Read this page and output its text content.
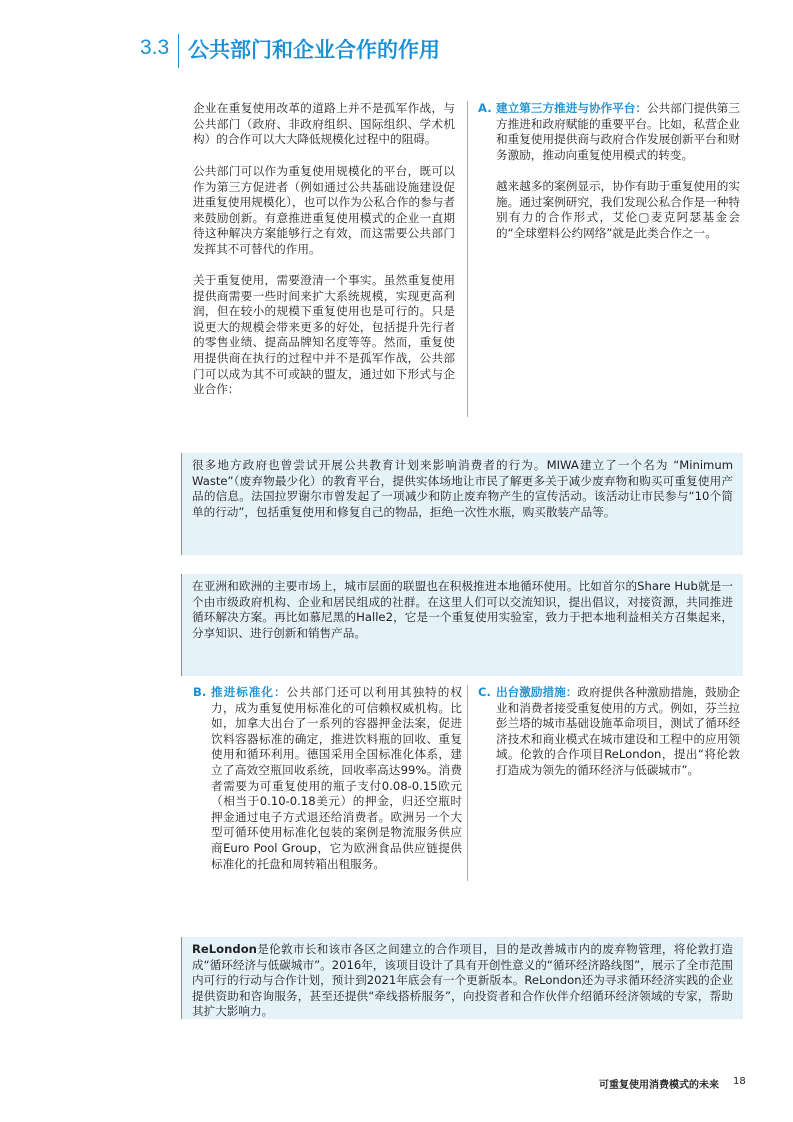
3.3 公共部门和企业合作的作用

企业在重复使用改革的道路上并不是孤军作战，与公共部门（政府、非政府组织、国际组织、学术机构）的合作可以大大降低规模化过程中的阻碍。

公共部门可以作为重复使用规模化的平台，既可以作为第三方促进者（例如通过公共基础设施建设促进重复使用规模化），也可以作为公私合作的参与者来鼓励创新。有意推进重复使用模式的企业一直期待这种解决方案能够行之有效，而这需要公共部门发挥其不可替代的作用。

关于重复使用，需要澄清一个事实。虽然重复使用提供商需要一些时间来扩大系统规模，实现更高利润，但在较小的规模下重复使用也是可行的。只是说更大的规模会带来更多的好处，包括提升先行者的零售业绩、提高品牌知名度等等。然而，重复使用提供商在执行的过程中并不是孤军作战，公共部门可以成为其不可或缺的盟友，通过如下形式与企业合作：

A. 建立第三方推进与协作平台：公共部门提供第三方推进和政府赋能的重要平台。比如，私营企业和重复使用提供商与政府合作发展创新平台和财务激励，推动向重复使用模式的转变。

越来越多的案例显示，协作有助于重复使用的实施。通过案例研究，我们发现公私合作是一种特别有力的合作形式，艾伦▢麦克阿瑟基金会的“全球塑料公约网络”就是此类合作之一。

很多地方政府也曾尝试开展公共教育计划来影响消费者的行为。MIWA建立了一个名为 “Minimum Waste”（废弃物最少化）的教育平台，提供实体场地让市民了解更多关于减少废弃物和购买可重复使用产品的信息。法国拉罗谢尔市曾发起了一项减少和防止废弃物产生的宣传活动。该活动让市民参与“10个简单的行动”，包括重复使用和修复自己的物品，拒绝一次性水瓶，购买散装产品等。
在亚洲和欧洲的主要市场上，城市层面的联盟也在积极推进本地循环使用。比如首尔的Share Hub就是一个由市级政府机构、企业和居民组成的社群。在这里人们可以交流知识，提出倡议，对接资源，共同推进循环解决方案。再比如慕尼黑的Halle2，它是一个重复使用实验室，致力于把本地利益相关方召集起来，分享知识、进行创新和销售产品。
B. 推进标准化：公共部门还可以利用其独特的权力，成为重复使用标准化的可信赖权威机构。比如，加拿大出台了一系列的容器押金法案，促进饮料容器标准的确定，推进饮料瓶的回收、重复使用和循环利用。德国采用全国标准化体系，建立了高效空瓶回收系统，回收率高达99%。消费者需要为可重复使用的瓶子支付0.08-0.15欧元（相当于0.10-0.18美元）的押金，归还空瓶时押金通过电子方式退还给消费者。欧洲另一个大型可循环使用标准化包装的案例是物流服务供应商Euro Pool Group，它为欧洲食品供应链提供标准化的托盘和周转箱出租服务。
C. 出台激励措施：政府提供各种激励措施，鼓励企业和消费者接受重复使用的方式。例如，芬兰拉彭兰塔的城市基础设施革命项目，测试了循环经济技术和商业模式在城市建设和工程中的应用领域。伦敦的合作项目ReLondon，提出“将伦敦打造成为领先的循环经济与低碳城市”。
ReLondon是伦敦市长和该市各区之间建立的合作项目，目的是改善城市内的废弃物管理，将伦敦打造成“循环经济与低碳城市”。2016年，该项目设计了具有开创性意义的“循环经济路线图”，展示了全市范围内可行的行动与合作计划，预计到2021年底会有一个更新版本。ReLondon还为寻求循环经济实践的企业提供资助和咨询服务，甚至还提供“牵线搭桥服务”，向投资者和合作伙伴介绍循环经济领域的专家，帮助其扩大影响力。
可重复使用消费模式的未来 18
